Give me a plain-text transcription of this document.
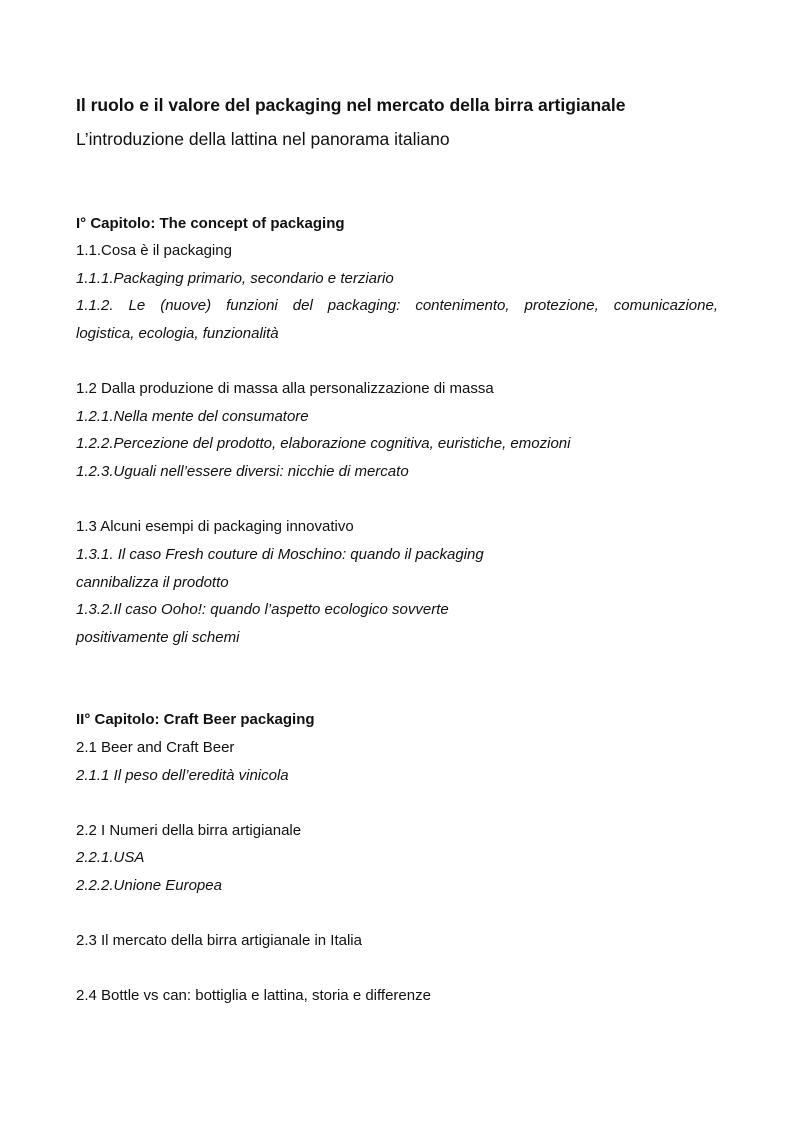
Il ruolo e il valore del packaging nel mercato della birra artigianale
L’introduzione della lattina nel panorama italiano
I° Capitolo: The concept of packaging
1.1.Cosa è il packaging
1.1.1.Packaging primario, secondario e terziario
1.1.2. Le (nuove) funzioni del packaging: contenimento, protezione, comunicazione,
logistica, ecologia, funzionalità
1.2 Dalla produzione di massa alla personalizzazione di massa
1.2.1.Nella mente del consumatore
1.2.2.Percezione del prodotto, elaborazione cognitiva, euristiche, emozioni
1.2.3.Uguali nell’essere diversi: nicchie di mercato
1.3 Alcuni esempi di packaging innovativo
1.3.1. Il caso Fresh couture di Moschino: quando il packaging
cannibalizza il prodotto
1.3.2.Il caso Ooho!: quando l’aspetto ecologico sovverte
positivamente gli schemi
II° Capitolo: Craft Beer packaging
2.1 Beer and Craft Beer
2.1.1 Il peso dell’eredità vinicola
2.2 I Numeri della birra artigianale
2.2.1.USA
2.2.2.Unione Europea
2.3 Il mercato della birra artigianale in Italia
2.4 Bottle vs can: bottiglia e lattina, storia e differenze
